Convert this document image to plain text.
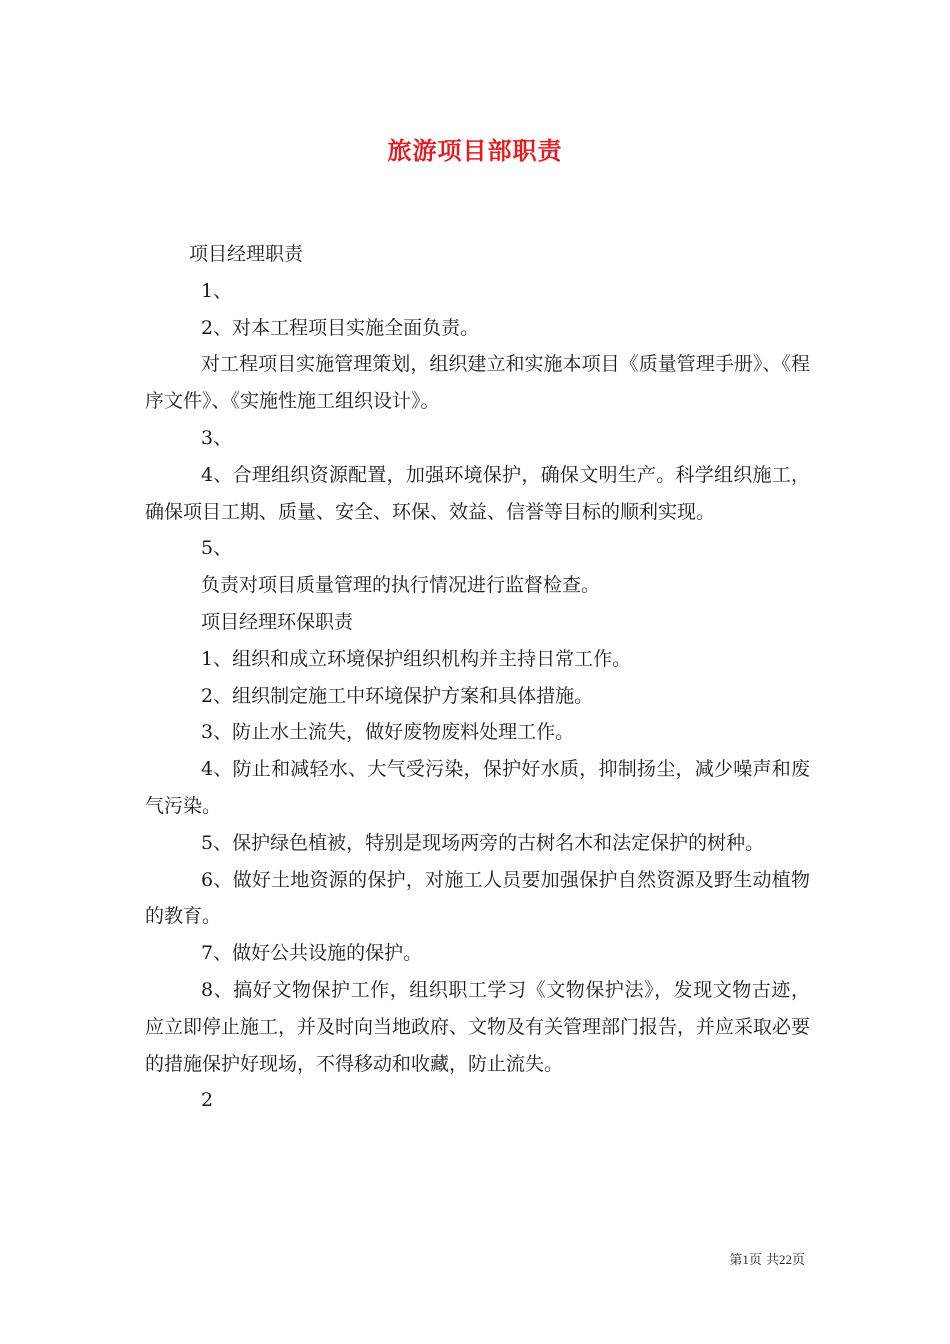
旅游项目部职责
项目经理职责
1、
2、对本工程项目实施全面负责。
对工程项目实施管理策划，组织建立和实施本项目《质量管理手册》、《程序文件》、《实施性施工组织设计》。
3、
4、合理组织资源配置，加强环境保护，确保文明生产。科学组织施工，确保项目工期、质量、安全、环保、效益、信誉等目标的顺利实现。
5、
负责对项目质量管理的执行情况进行监督检查。
项目经理环保职责
1、组织和成立环境保护组织机构并主持日常工作。
2、组织制定施工中环境保护方案和具体措施。
3、防止水土流失，做好废物废料处理工作。
4、防止和减轻水、大气受污染，保护好水质，抑制扬尘，减少噪声和废气污染。
5、保护绿色植被，特别是现场两旁的古树名木和法定保护的树种。
6、做好土地资源的保护，对施工人员要加强保护自然资源及野生动植物的教育。
7、做好公共设施的保护。
8、搞好文物保护工作，组织职工学习《文物保护法》，发现文物古迹，应立即停止施工，并及时向当地政府、文物及有关管理部门报告，并应采取必要的措施保护好现场，不得移动和收藏，防止流失。
2
第1页 共22页
